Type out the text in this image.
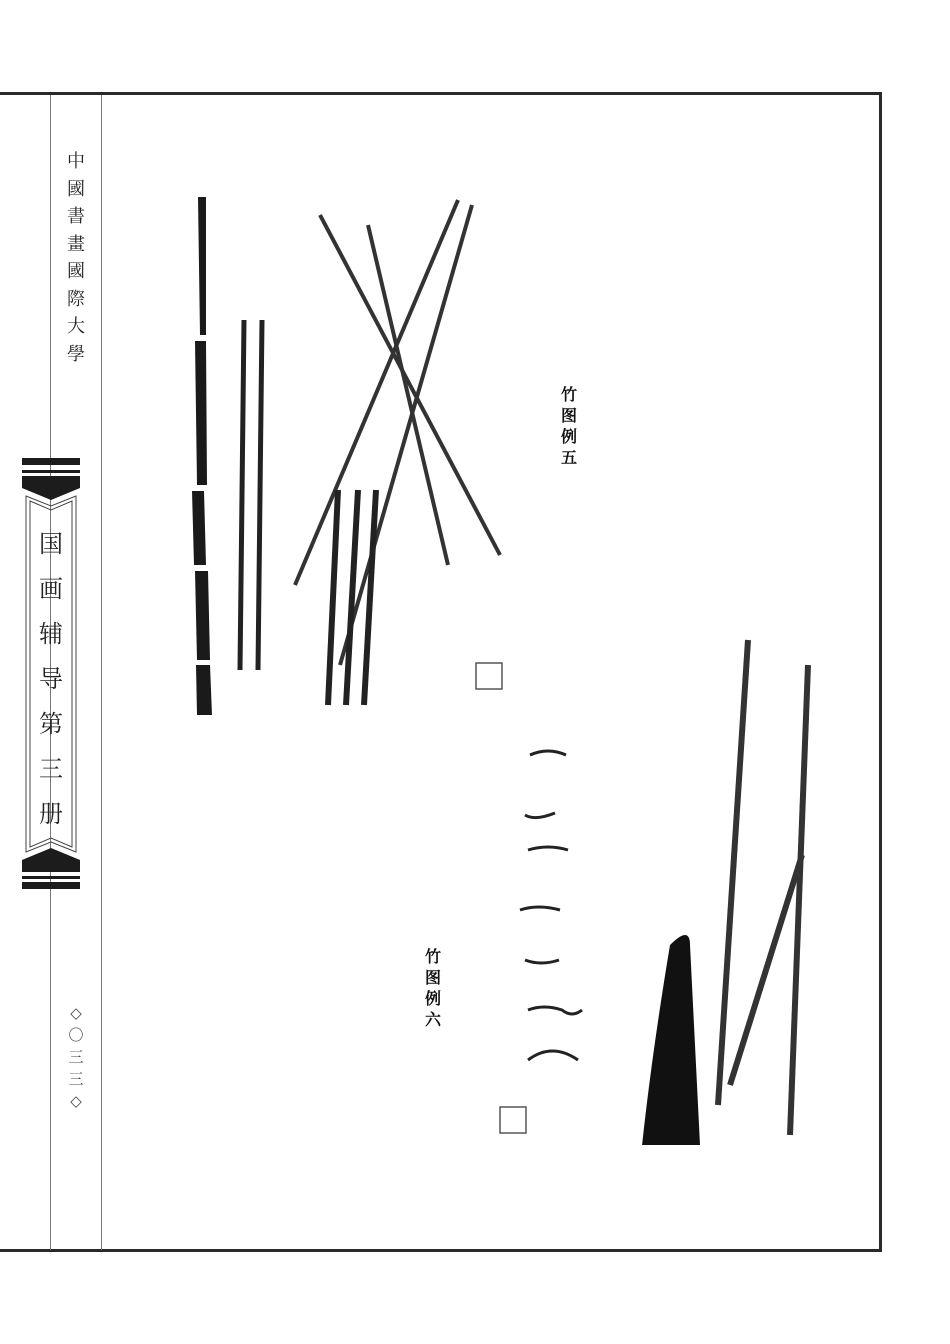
中
國
書
畫
國
際
大
學
国
画
辅
导
第
三
册
◇
〇
三
三
◇
竹
图
例
五
竹
图
例
六
